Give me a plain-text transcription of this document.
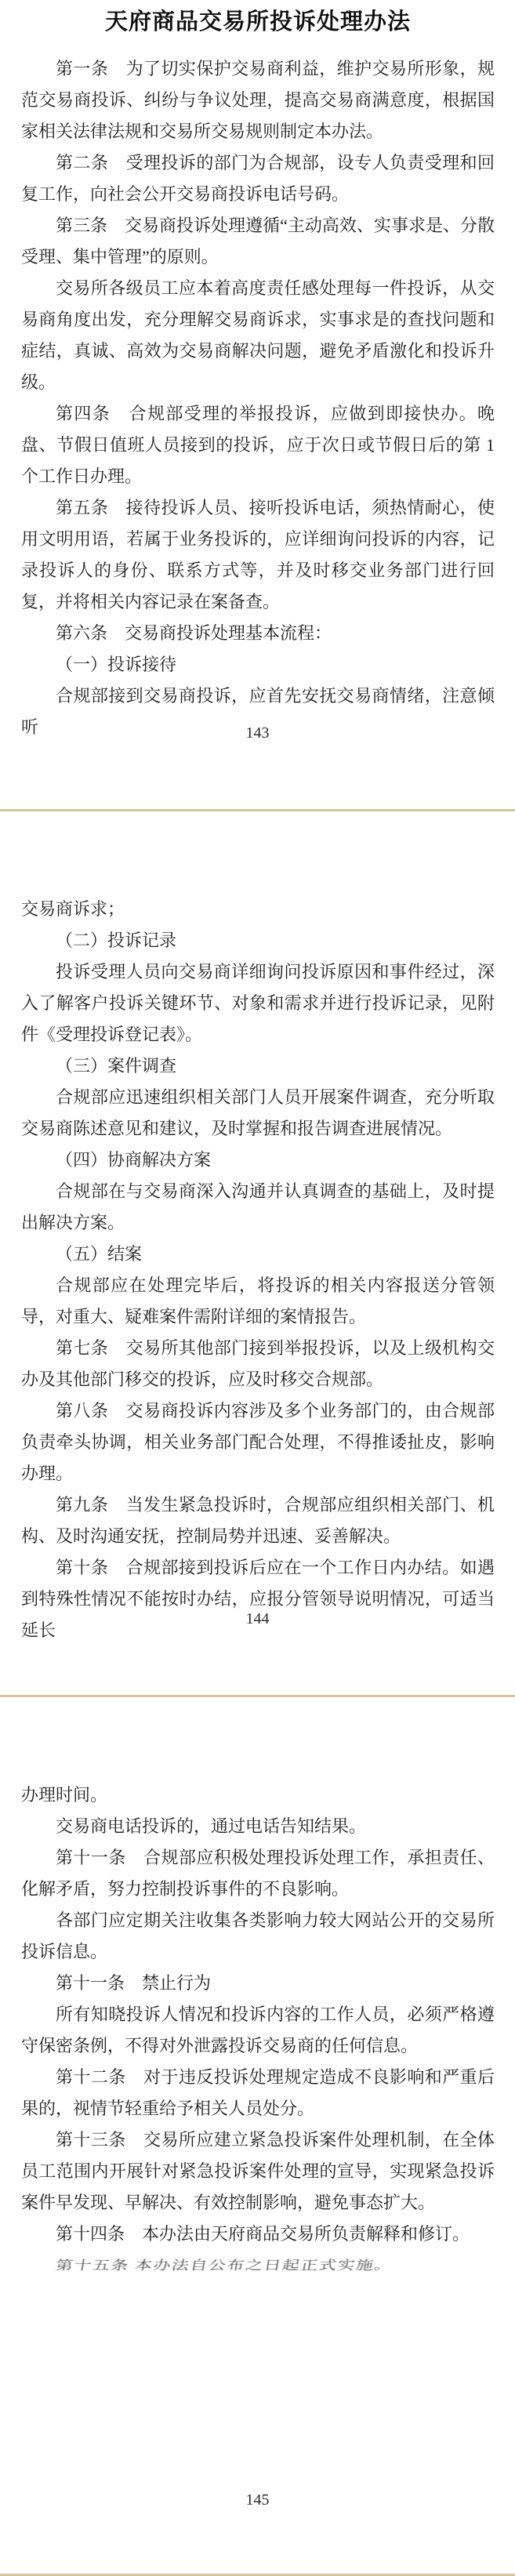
天府商品交易所投诉处理办法

第一条　为了切实保护交易商利益，维护交易所形象，规范交易商投诉、纠纷与争议处理，提高交易商满意度，根据国家相关法律法规和交易所交易规则制定本办法。

第二条　受理投诉的部门为合规部，设专人负责受理和回复工作，向社会公开交易商投诉电话号码。

第三条　交易商投诉处理遵循“主动高效、实事求是、分散受理、集中管理”的原则。

交易所各级员工应本着高度责任感处理每一件投诉，从交易商角度出发，充分理解交易商诉求，实事求是的查找问题和症结，真诚、高效为交易商解决问题，避免矛盾激化和投诉升级。

第四条　合规部受理的举报投诉，应做到即接快办。晚盘、节假日值班人员接到的投诉，应于次日或节假日后的第 1 个工作日办理。

第五条　接待投诉人员、接听投诉电话，须热情耐心，使用文明用语，若属于业务投诉的，应详细询问投诉的内容，记录投诉人的身份、联系方式等，并及时移交业务部门进行回复，并将相关内容记录在案备查。

第六条　交易商投诉处理基本流程：

（一）投诉接待

合规部接到交易商投诉，应首先安抚交易商情绪，注意倾听	143

交易商诉求；

（二）投诉记录

投诉受理人员向交易商详细询问投诉原因和事件经过，深入了解客户投诉关键环节、对象和需求并进行投诉记录，见附件《受理投诉登记表》。

（三）案件调查

合规部应迅速组织相关部门人员开展案件调查，充分听取交易商陈述意见和建议，及时掌握和报告调查进展情况。

（四）协商解决方案

合规部在与交易商深入沟通并认真调查的基础上，及时提出解决方案。

（五）结案

合规部应在处理完毕后，将投诉的相关内容报送分管领导，对重大、疑难案件需附详细的案情报告。

第七条　交易所其他部门接到举报投诉，以及上级机构交办及其他部门移交的投诉，应及时移交合规部。

第八条　交易商投诉内容涉及多个业务部门的，由合规部负责牵头协调，相关业务部门配合处理，不得推诿扯皮，影响办理。

第九条　当发生紧急投诉时，合规部应组织相关部门、机构、及时沟通安抚，控制局势并迅速、妥善解决。

第十条　合规部接到投诉后应在一个工作日内办结。如遇到特殊性情况不能按时办结，应报分管领导说明情况，可适当延长

144

办理时间。

交易商电话投诉的，通过电话告知结果。

第十一条　合规部应积极处理投诉处理工作，承担责任、化解矛盾，努力控制投诉事件的不良影响。

各部门应定期关注收集各类影响力较大网站公开的交易所投诉信息。

第十一条　禁止行为

所有知晓投诉人情况和投诉内容的工作人员，必须严格遵守保密条例，不得对外泄露投诉交易商的任何信息。

第十二条　对于违反投诉处理规定造成不良影响和严重后果的，视情节轻重给予相关人员处分。

第十三条　交易所应建立紧急投诉案件处理机制，在全体员工范围内开展针对紧急投诉案件处理的宣导，实现紧急投诉案件早发现、早解决、有效控制影响，避免事态扩大。

第十四条　本办法由天府商品交易所负责解释和修订。

第十五条 本办法自公布之日起正式实施。

145
